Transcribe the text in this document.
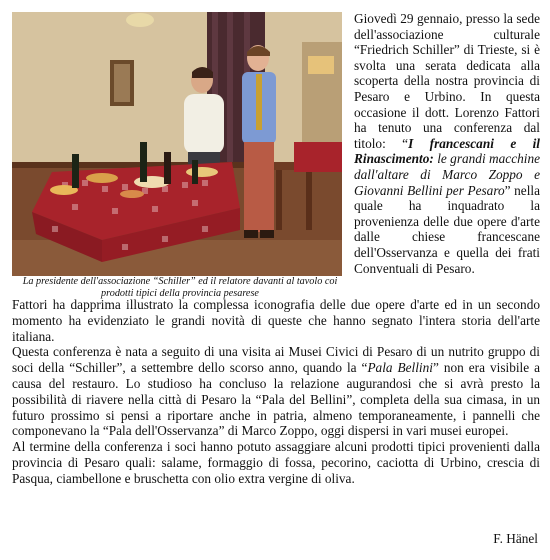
La presidente dell'associazione “Schiller” ed il relatore davanti al tavolo coi prodotti tipici della provincia pesarese
Giovedì 29 gennaio, presso la sede dell'associazione culturale “Friedrich Schiller” di Trieste, si è svolta una serata dedicata alla scoperta della nostra provincia di Pesaro e Urbino. In questa occasione il dott. Lorenzo Fattori ha tenuto una conferenza dal titolo: “I francescani e il Rinascimento: le grandi macchine dall'altare di Marco Zoppo e Giovanni Bellini per Pesaro” nella quale ha inquadrato la provenienza delle due opere d'arte dalle chiese francescane dell'Osservanza e quella dei frati Conventuali di Pesaro.

Fattori ha dapprima illustrato la complessa iconografia delle due opere d'arte ed in un secondo momento ha evidenziato le grandi novità di queste che hanno segnato l'intera storia dell'arte italiana.

Questa conferenza è nata a seguito di una visita ai Musei Civici di Pesaro di un nutrito gruppo di soci della “Schiller”, a settembre dello scorso anno, quando la “Pala Bellini” non era visibile a causa del restauro. Lo studioso ha concluso la relazione augurandosi che si avrà presto la possibilità di riavere nella città di Pesaro la “Pala del Bellini”, completa della sua cimasa, in un futuro prossimo si pensi a riportare anche in patria, almeno temporaneamente, i pannelli che componevano la “Pala dell'Osservanza” di Marco Zoppo, oggi dispersi in vari musei europei.

Al termine della conferenza i soci hanno potuto assaggiare alcuni prodotti tipici provenienti dalla provincia di Pesaro quali: salame, formaggio di fossa, pecorino, caciotta di Urbino, crescia di Pasqua, ciambellone e bruschetta con olio extra vergine di oliva.

F. Hänel
